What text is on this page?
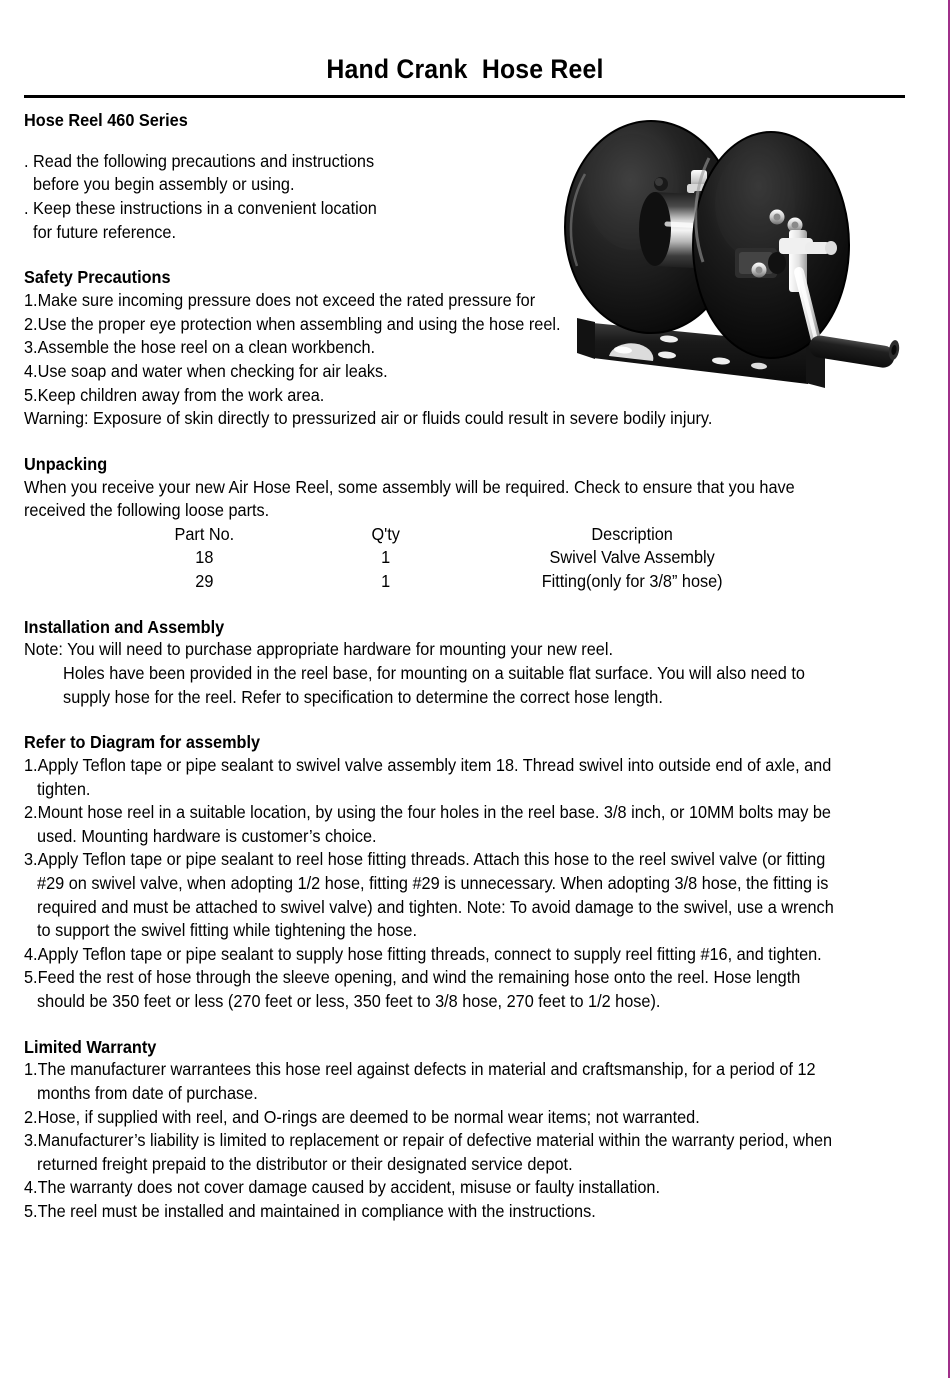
Hand Crank  Hose Reel
Hose Reel 460 Series
. Read the following precautions and instructions
before you begin assembly or using.
. Keep these instructions in a convenient location
for future reference.
Safety Precautions
1.Make sure incoming pressure does not exceed the rated pressure for
2.Use the proper eye protection when assembling and using the hose reel.
3.Assemble the hose reel on a clean workbench.
4.Use soap and water when checking for air leaks.
5.Keep children away from the work area.
Warning: Exposure of skin directly to pressurized air or fluids could result in severe bodily injury.
Unpacking
When you receive your new Air Hose Reel, some assembly will be required. Check to ensure that you have
received the following loose parts.
Part No.	Q'ty	Description
18	1	Swivel Valve Assembly
29	1	Fitting(only for 3/8” hose)
Installation and Assembly
Note: You will need to purchase appropriate hardware for mounting your new reel.
Holes have been provided in the reel base, for mounting on a suitable flat surface. You will also need to
supply hose for the reel. Refer to specification to determine the correct hose length.
Refer to Diagram for assembly
1.Apply Teflon tape or pipe sealant to swivel valve assembly item 18. Thread swivel into outside end of axle, and
tighten.
2.Mount hose reel in a suitable location, by using the four holes in the reel base. 3/8 inch, or 10MM bolts may be
used. Mounting hardware is customer’s choice.
3.Apply Teflon tape or pipe sealant to reel hose fitting threads. Attach this hose to the reel swivel valve (or fitting
#29 on swivel valve, when adopting 1/2 hose, fitting #29 is unnecessary. When adopting 3/8 hose, the fitting is
required and must be attached to swivel valve) and tighten. Note: To avoid damage to the swivel, use a wrench
to support the swivel fitting while tightening the hose.
4.Apply Teflon tape or pipe sealant to supply hose fitting threads, connect to supply reel fitting #16, and tighten.
5.Feed the rest of hose through the sleeve opening, and wind the remaining hose onto the reel. Hose length
should be 350 feet or less (270 feet or less, 350 feet to 3/8 hose, 270 feet to 1/2 hose).
Limited Warranty
1.The manufacturer warrantees this hose reel against defects in material and craftsmanship, for a period of 12
months from date of purchase.
2.Hose, if supplied with reel, and O-rings are deemed to be normal wear items; not warranted.
3.Manufacturer’s liability is limited to replacement or repair of defective material within the warranty period, when
returned freight prepaid to the distributor or their designated service depot.
4.The warranty does not cover damage caused by accident, misuse or faulty installation.
5.The reel must be installed and maintained in compliance with the instructions.
